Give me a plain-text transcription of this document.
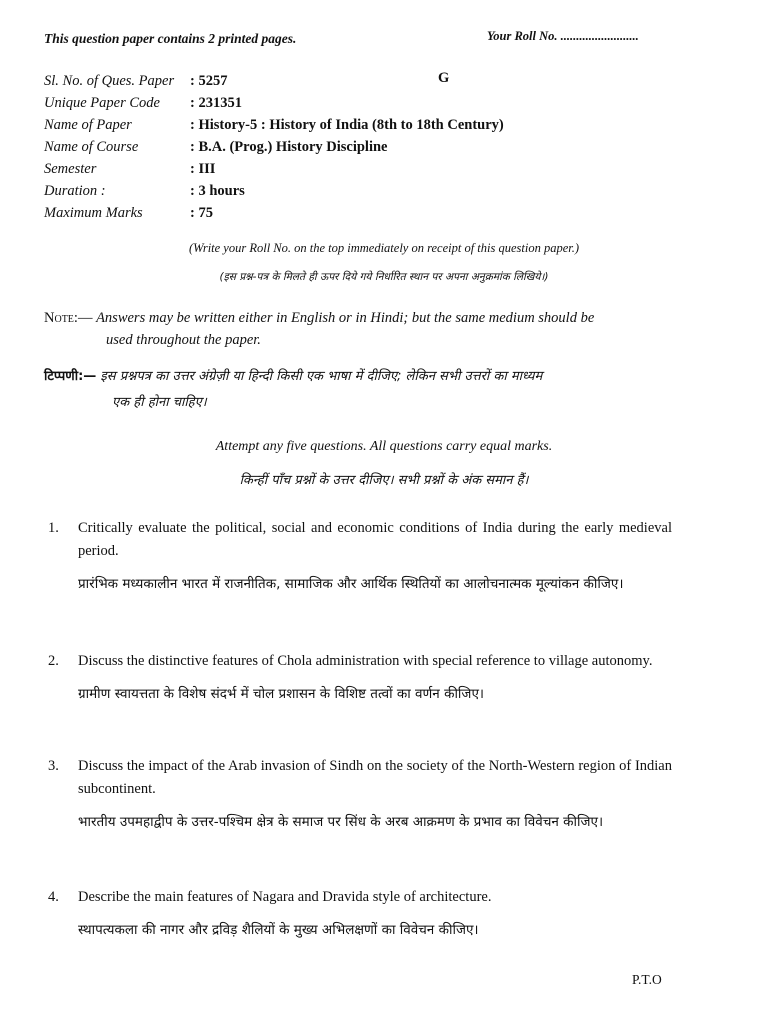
This question paper contains 2 printed pages.	Your Roll No. .........................
G
Sl. No. of Ques. Paper	: 5257
Unique Paper Code	: 231351
Name of Paper	: History-5 : History of India (8th to 18th Century)
Name of Course	: B.A. (Prog.) History Discipline
Semester	: III
Duration :	: 3 hours
Maximum Marks	: 75
(Write your Roll No. on the top immediately on receipt of this question paper.)
(इस प्रश्न-पत्र के मिलते ही ऊपर दिये गये निर्धारित स्थान पर अपना अनुक्रमांक लिखिये।)
Note:— Answers may be written either in English or in Hindi; but the same medium should be
used throughout the paper.
टिप्पणी:— इस प्रश्नपत्र का उत्तर अंग्रेज़ी या हिन्दी किसी एक भाषा में दीजिए; लेकिन सभी उत्तरों का माध्यम
एक ही होना चाहिए।
Attempt any five questions. All questions carry equal marks.
किन्हीं पाँच प्रश्नों के उत्तर दीजिए। सभी प्रश्नों के अंक समान हैं।
1. Critically evaluate the political, social and economic conditions of India during the early medieval period.
प्रारंभिक मध्यकालीन भारत में राजनीतिक, सामाजिक और आर्थिक स्थितियों का आलोचनात्मक मूल्यांकन कीजिए।
2. Discuss the distinctive features of Chola administration with special reference to village autonomy.
ग्रामीण स्वायत्तता के विशेष संदर्भ में चोल प्रशासन के विशिष्ट तत्वों का वर्णन कीजिए।
3. Discuss the impact of the Arab invasion of Sindh on the society of the North-Western region of Indian subcontinent.
भारतीय उपमहाद्वीप के उत्तर-पश्चिम क्षेत्र के समाज पर सिंध के अरब आक्रमण के प्रभाव का विवेचन कीजिए।
4. Describe the main features of Nagara and Dravida style of architecture.
स्थापत्यकला की नागर और द्रविड़ शैलियों के मुख्य अभिलक्षणों का विवेचन कीजिए।
P.T.O
